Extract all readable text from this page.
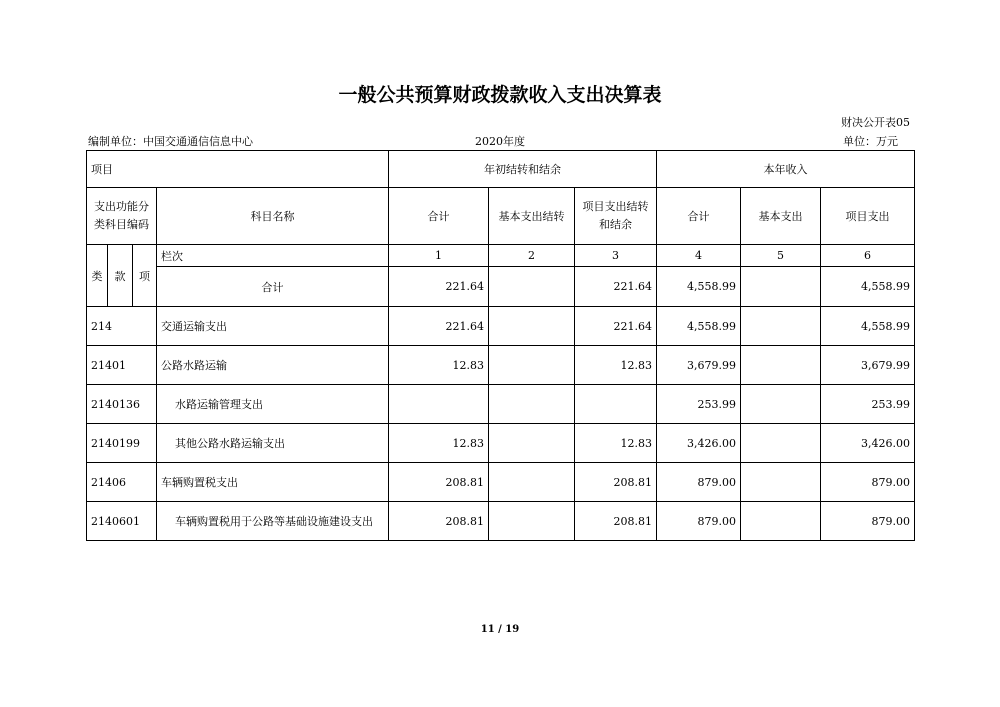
一般公共预算财政拨款收入支出决算表
财决公开表05
编制单位：中国交通通信信息中心	2020年度	单位：万元
项目				年初结转和结余			本年收入		
支出功能分类科目编码			科目名称	合计	基本支出结转	项目支出结转和结余	合计	基本支出	项目支出
类	款	项	栏次	1	2	3	4	5	6
			合计	221.64		221.64	4,558.99		4,558.99
214			交通运输支出	221.64		221.64	4,558.99		4,558.99
21401			公路水路运输	12.83		12.83	3,679.99		3,679.99
2140136			水路运输管理支出				253.99		253.99
2140199			其他公路水路运输支出	12.83		12.83	3,426.00		3,426.00
21406			车辆购置税支出	208.81		208.81	879.00		879.00
2140601			车辆购置税用于公路等基础设施建设支出	208.81		208.81	879.00		879.00
11 / 19
